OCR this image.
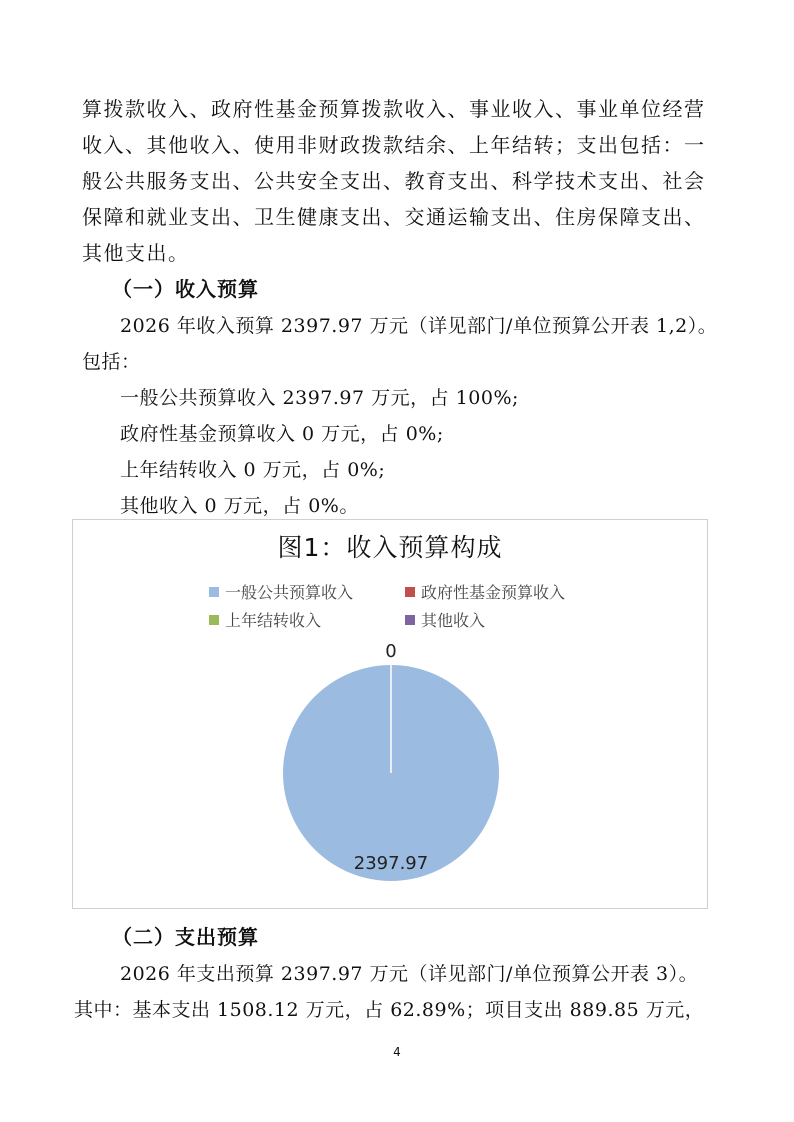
算拨款收入、政府性基金预算拨款收入、事业收入、事业单位经营
收入、其他收入、使用非财政拨款结余、上年结转；支出包括：一
般公共服务支出、公共安全支出、教育支出、科学技术支出、社会
保障和就业支出、卫生健康支出、交通运输支出、住房保障支出、
其他支出。
（一）收入预算
2026 年收入预算 2397.97 万元（详见部门/单位预算公开表 1,2）。
包括：
一般公共预算收入 2397.97 万元，占 100%;
政府性基金预算收入 0 万元，占 0%;
上年结转收入 0 万元，占 0%;
其他收入 0 万元，占 0%。
图1：收入预算构成
一般公共预算收入	政府性基金预算收入
上年结转收入	其他收入
2397.97
0
（二）支出预算
2026 年支出预算 2397.97 万元（详见部门/单位预算公开表 3）。
其中：基本支出 1508.12 万元，占 62.89%；项目支出 889.85 万元，
4
